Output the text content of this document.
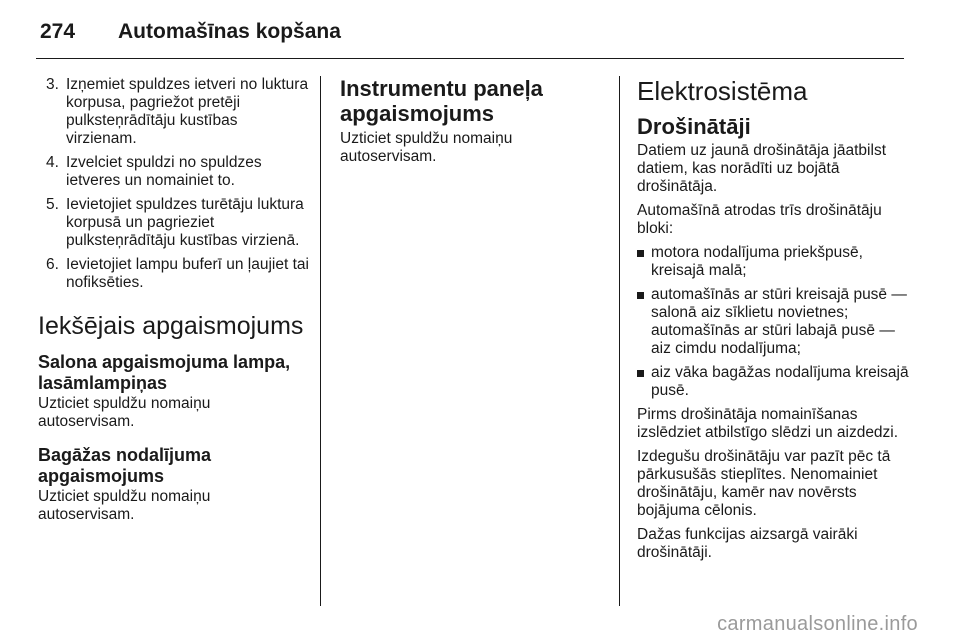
274 Automašīnas kopšana
3. Izņemiet spuldzes ietveri no luktura korpusa, pagriežot pretēji pulksteņrādītāju kustības virzienam.
4. Izvelciet spuldzi no spuldzes ietveres un nomainiet to.
5. Ievietojiet spuldzes turētāju luktura korpusā un pagrieziet pulksteņrādītāju kustības virzienā.
6. Ievietojiet lampu buferī un ļaujiet tai nofiksēties.
Iekšējais apgaismojums
Salona apgaismojuma lampa, lasāmlampiņas

Uzticiet spuldžu nomaiņu autoservisam.

Bagāžas nodalījuma apgaismojums

Uzticiet spuldžu nomaiņu autoservisam.

Instrumentu paneļa apgaismojums

Uzticiet spuldžu nomaiņu autoservisam.

Elektrosistēma
Drošinātāji

Datiem uz jaunā drošinātāja jāatbilst datiem, kas norādīti uz bojātā drošinātāja.

Automašīnā atrodas trīs drošinātāju bloki:

motora nodalījuma priekšpusē, kreisajā malā;
automašīnās ar stūri kreisajā pusē — salonā aiz sīklietu novietnes; automašīnās ar stūri labajā pusē — aiz cimdu nodalījuma;
aiz vāka bagāžas nodalījuma kreisajā pusē.

Pirms drošinātāja nomainīšanas izslēdziet atbilstīgo slēdzi un aizdedzi.

Izdegušu drošinātāju var pazīt pēc tā pārkusušās stieplītes. Nenomainiet drošinātāju, kamēr nav novērsts bojājuma cēlonis.

Dažas funkcijas aizsargā vairāki drošinātāji.

carmanualsonline.info
